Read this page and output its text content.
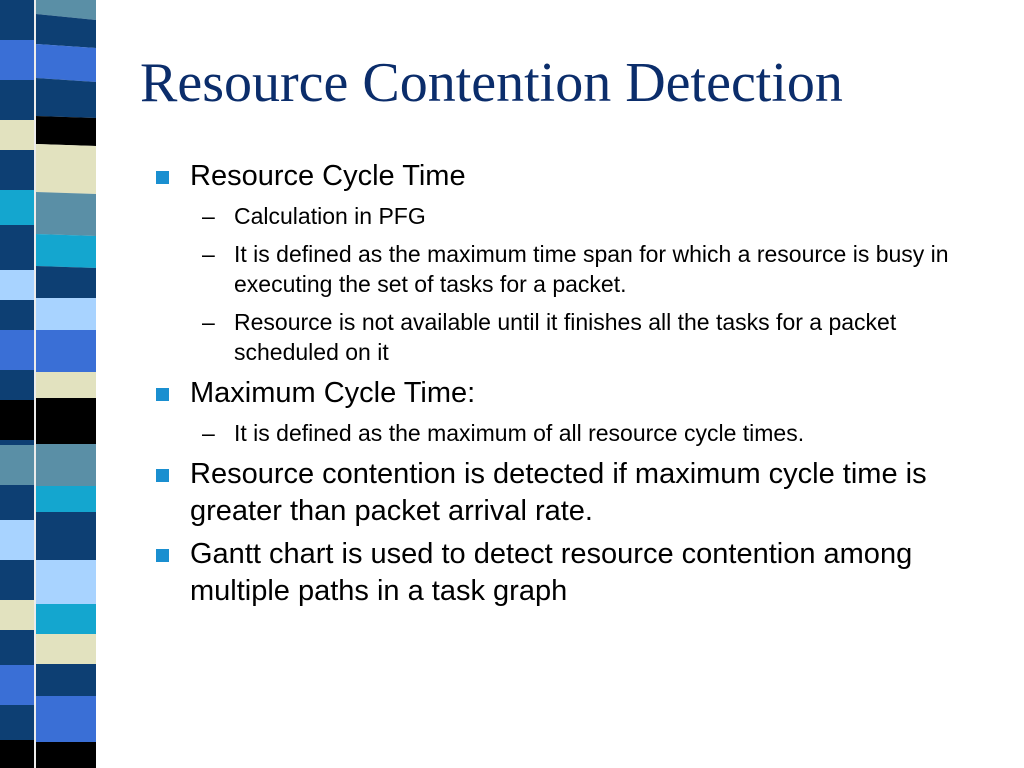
Resource Contention Detection
Resource Cycle Time
– Calculation in PFG
– It is defined as the maximum time span for which a resource is busy in executing the set of tasks for a packet.
– Resource is not available until it finishes all the tasks for a packet scheduled on it
Maximum Cycle Time:
– It is defined as the maximum of all resource cycle times.
Resource contention is detected if maximum cycle time is greater than packet arrival rate.
Gantt chart is used to detect resource contention among multiple paths in a task graph
